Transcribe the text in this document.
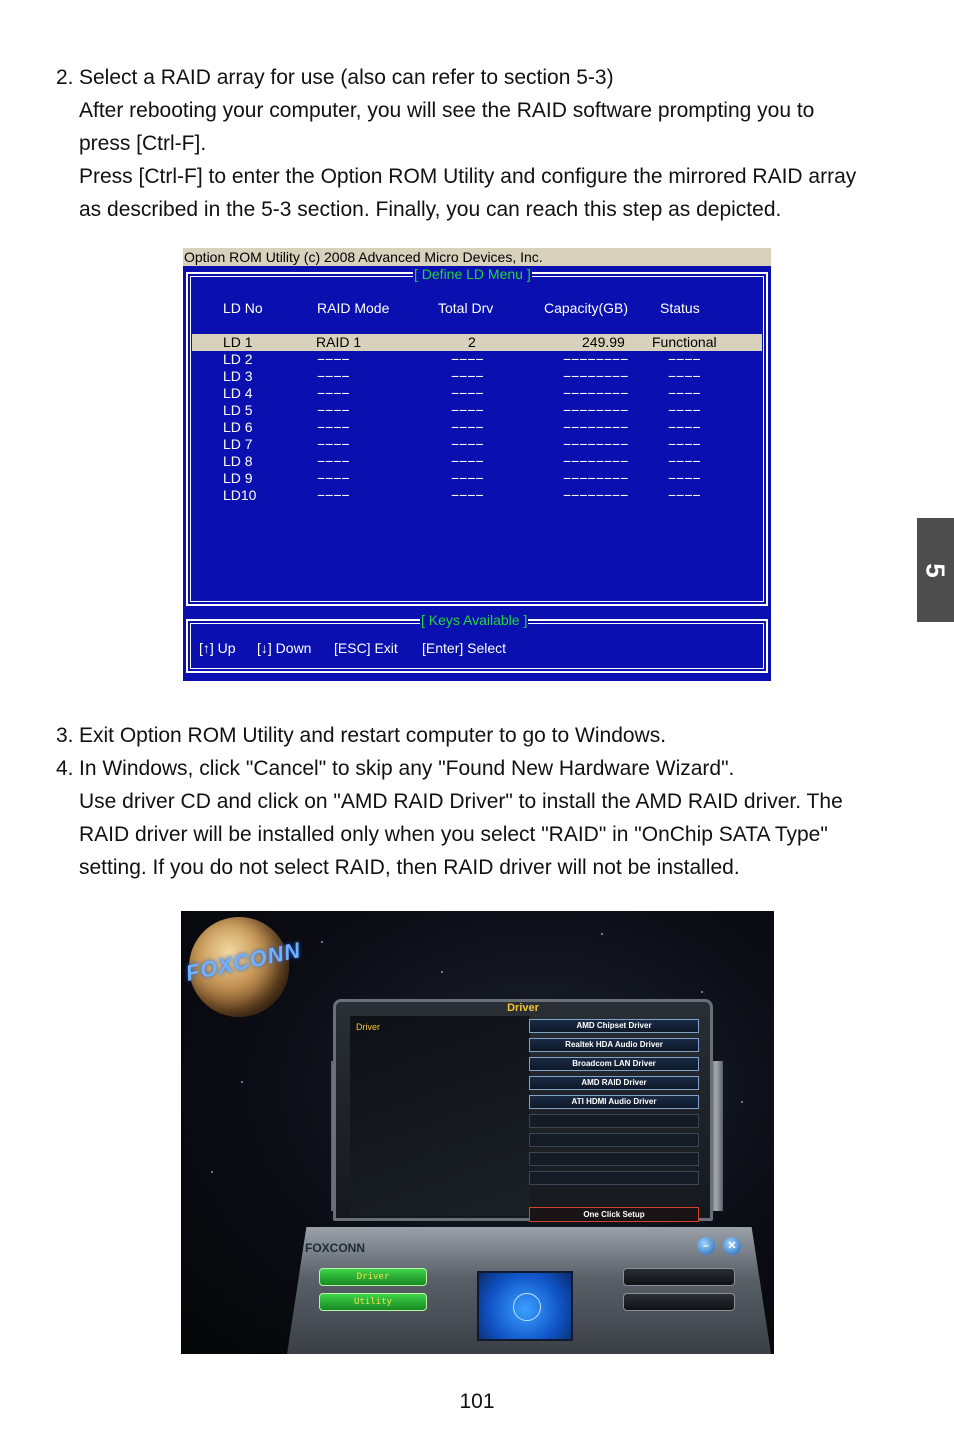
2. Select a RAID array for use (also can refer to section 5-3)
After rebooting your computer, you will see the RAID software prompting you to
press [Ctrl-F].
Press [Ctrl-F] to enter the Option ROM Utility and configure the mirrored RAID array
as described in the 5-3 section. Finally, you can reach this step as depicted.
5
Option ROM Utility (c) 2008 Advanced Micro Devices, Inc.
[ Define LD Menu ]
LD No	RAID Mode	Total Drv	Capacity(GB) Status
LD 1	RAID 1	2	249.99 Functional
LD 2	−−−−	−−−−	−−−−−−−−	−−−−
LD 3	−−−−	−−−−	−−−−−−−−	−−−−
LD 4	−−−−	−−−−	−−−−−−−−	−−−−
LD 5	−−−−	−−−−	−−−−−−−−	−−−−
LD 6	−−−−	−−−−	−−−−−−−−	−−−−
LD 7	−−−−	−−−−	−−−−−−−−	−−−−
LD 8	−−−−	−−−−	−−−−−−−−	−−−−
LD 9	−−−−	−−−−	−−−−−−−−	−−−−
LD10	−−−−	−−−−	−−−−−−−−	−−−−
[ Keys Available ]
[↑] Up [↓] Down [ESC] Exit [Enter] Select
3. Exit Option ROM Utility and restart computer to go to Windows.
4. In Windows, click "Cancel" to skip any "Found New Hardware Wizard".
Use driver CD and click on "AMD RAID Driver" to install the AMD RAID driver. The
RAID driver will be installed only when you select "RAID" in "OnChip SATA Type"
setting. If you do not select RAID, then RAID driver will not be installed.
FOXCONN
Driver
Driver	AMD Chipset Driver
Realtek HDA Audio Driver
Broadcom LAN Driver
AMD RAID Driver
ATI HDMI Audio Driver
One Click Setup
FOXCONN	–	✕
Driver
Utility
101
